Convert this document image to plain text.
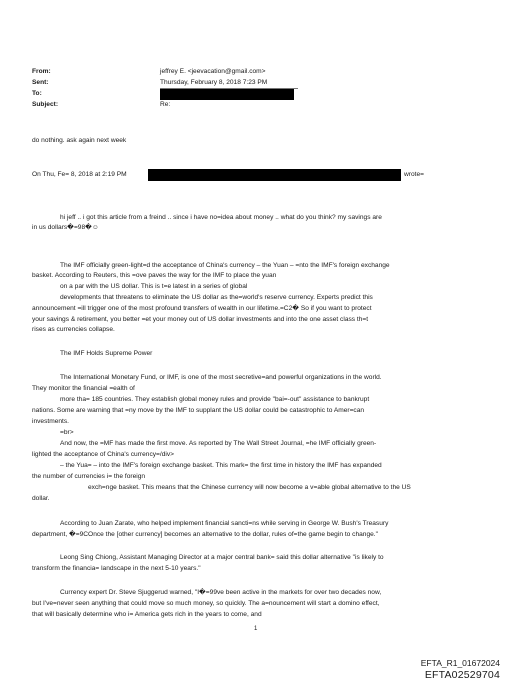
From:	jeffrey E. <jeevacation@gmail.com>
Sent:	Thursday, February 8, 2018 7:23 PM
To:
Subject:	Re:
do nothing. ask again next week
On Thu, Fe= 8, 2018 at 2:19 PM	wrote=
hi jeff .. i got this article from a freind .. since i have no=idea about money .. what do you think? my savings are
in us dollars�=98�☺
The IMF officially green-light=d the acceptance of China's currency – the Yuan – =nto the IMF's foreign exchange
basket. According to Reuters, this =ove paves the way for the IMF to place the yuan
on a par with the US dollar. This is t=e latest in a series of global
developments that threatens to eliminate the US dollar as the=world's reserve currency. Experts predict this
announcement =ill trigger one of the most profound transfers of wealth in our lifetime.=C2� So if you want to protect
your savings & retirement, you better =et your money out of US dollar investments and into the one asset class th=t
rises as currencies collapse.
The IMF Holds Supreme Power
The International Monetary Fund, or IMF, is one of the most secretive=and powerful organizations in the world.
They monitor the financial =ealth of
more tha= 185 countries. They establish global money rules and provide "bai=-out" assistance to bankrupt
nations. Some are warning that =ny move by the IMF to supplant the US dollar could be catastrophic to Amer=can
investments.
=br>
And now, the =MF has made the first move. As reported by The Wall Street Journal, =he IMF officially green-
lighted the acceptance of China's currency=/div>
– the Yua= – into the IMF's foreign exchange basket. This mark= the first time in history the IMF has expanded
the number of currencies i= the foreign
exch=nge basket. This means that the Chinese currency will now become a v=able global alternative to the US
dollar.
According to Juan Zarate, who helped implement financial sancti=ns while serving in George W. Bush's Treasury
department, �=9COnce the [other currency] becomes an alternative to the dollar, rules of=the game begin to change."
Leong Sing Chiong, Assistant Managing Director at a major central bank= said this dollar alternative "is likely to
transform the financia= landscape in the next 5-10 years."
Currency expert Dr. Steve Sjuggerud warned, "I�=99ve been active in the markets for over two decades now,
but I've=never seen anything that could move so much money, so quickly. The a=nouncement will start a domino effect,
that will basically determine who i= America gets rich in the years to come, and
1
EFTA_R1_01672024
EFTA02529704
